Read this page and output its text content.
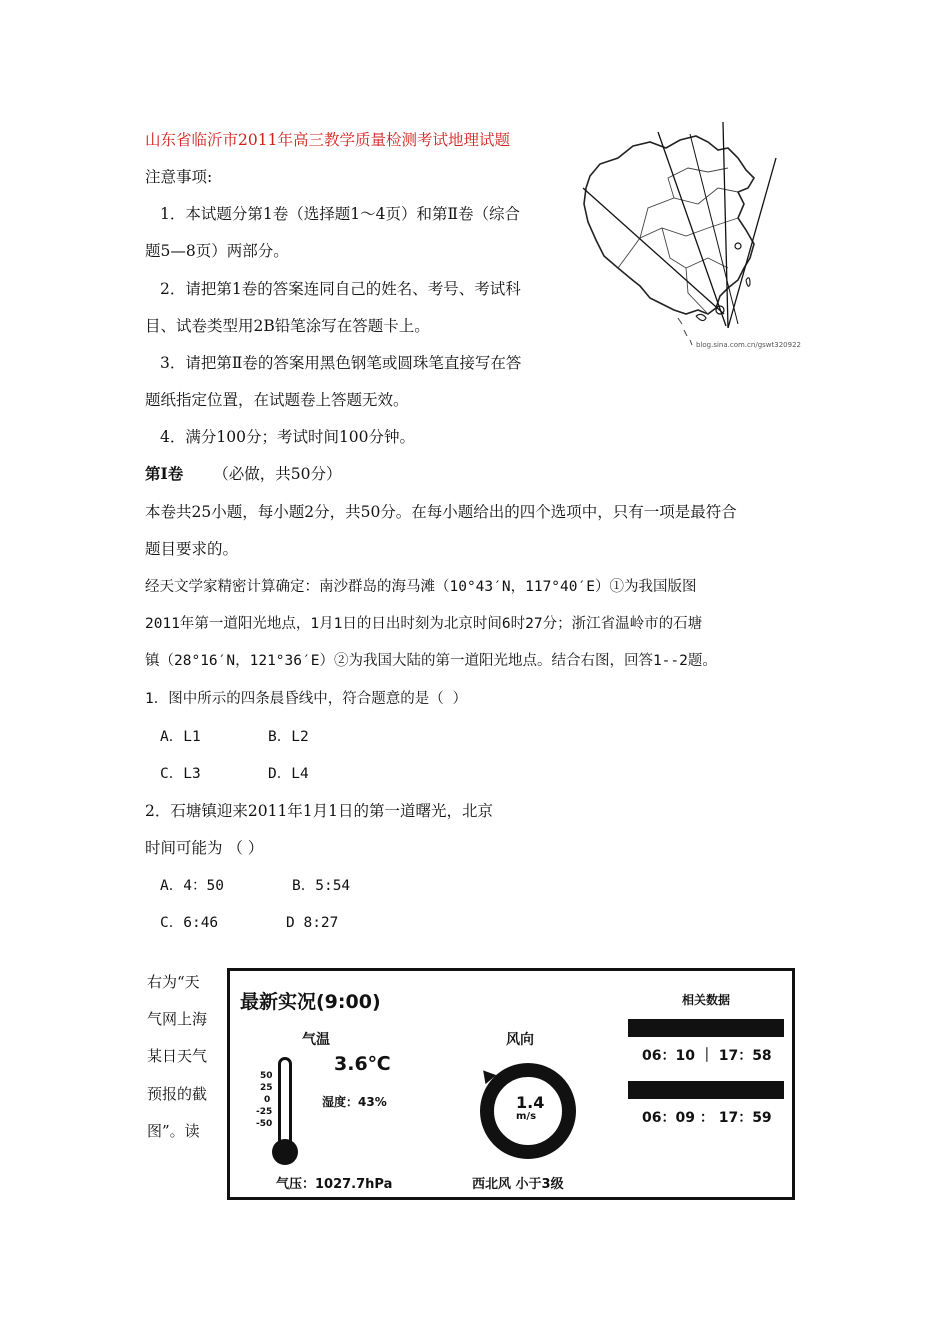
山东省临沂市2011年高三教学质量检测考试地理试题
注意事项:
1．本试题分第1卷（选择题1～4页）和第Ⅱ卷（综合
题5—8页）两部分。
2．请把第1卷的答案连同自己的姓名、考号、考试科
目、试卷类型用2B铅笔涂写在答题卡上。
3．请把第Ⅱ卷的答案用黑色钢笔或圆珠笔直接写在答
题纸指定位置，在试题卷上答题无效。
4．满分100分；考试时间100分钟。
第Ⅰ卷 （必做，共50分）
本卷共25小题，每小题2分，共50分。在每小题给出的四个选项中，只有一项是最符合
题目要求的。
经天文学家精密计算确定：南沙群岛的海马滩（10°43′N，117°40′E）①为我国版图
2011年第一道阳光地点，1月1日的日出时刻为北京时间6时27分；浙江省温岭市的石塘
镇（28°16′N，121°36′E）②为我国大陆的第一道阳光地点。结合右图，回答1--2题。
1．图中所示的四条晨昏线中，符合题意的是（ ）
A．L1	B．L2
C．L3	D．L4
2．石塘镇迎来2011年1月1日的第一道曙光，北京
时间可能为 （ ）
A．4：50	B．5:54
C．6:46	D 8:27
右为“天
气网上海
某日天气
预报的截
图”。读
blog.sina.com.cn/gswt320922
最新实况(9:00)
气温
3.6℃
湿度：43%
50
25
0
-25
-50
气压：1027.7hPa
风向
1.4
m/s
西北风 小于3级
相关数据
06：10 ｜ 17：58
06：09 ： 17：59
